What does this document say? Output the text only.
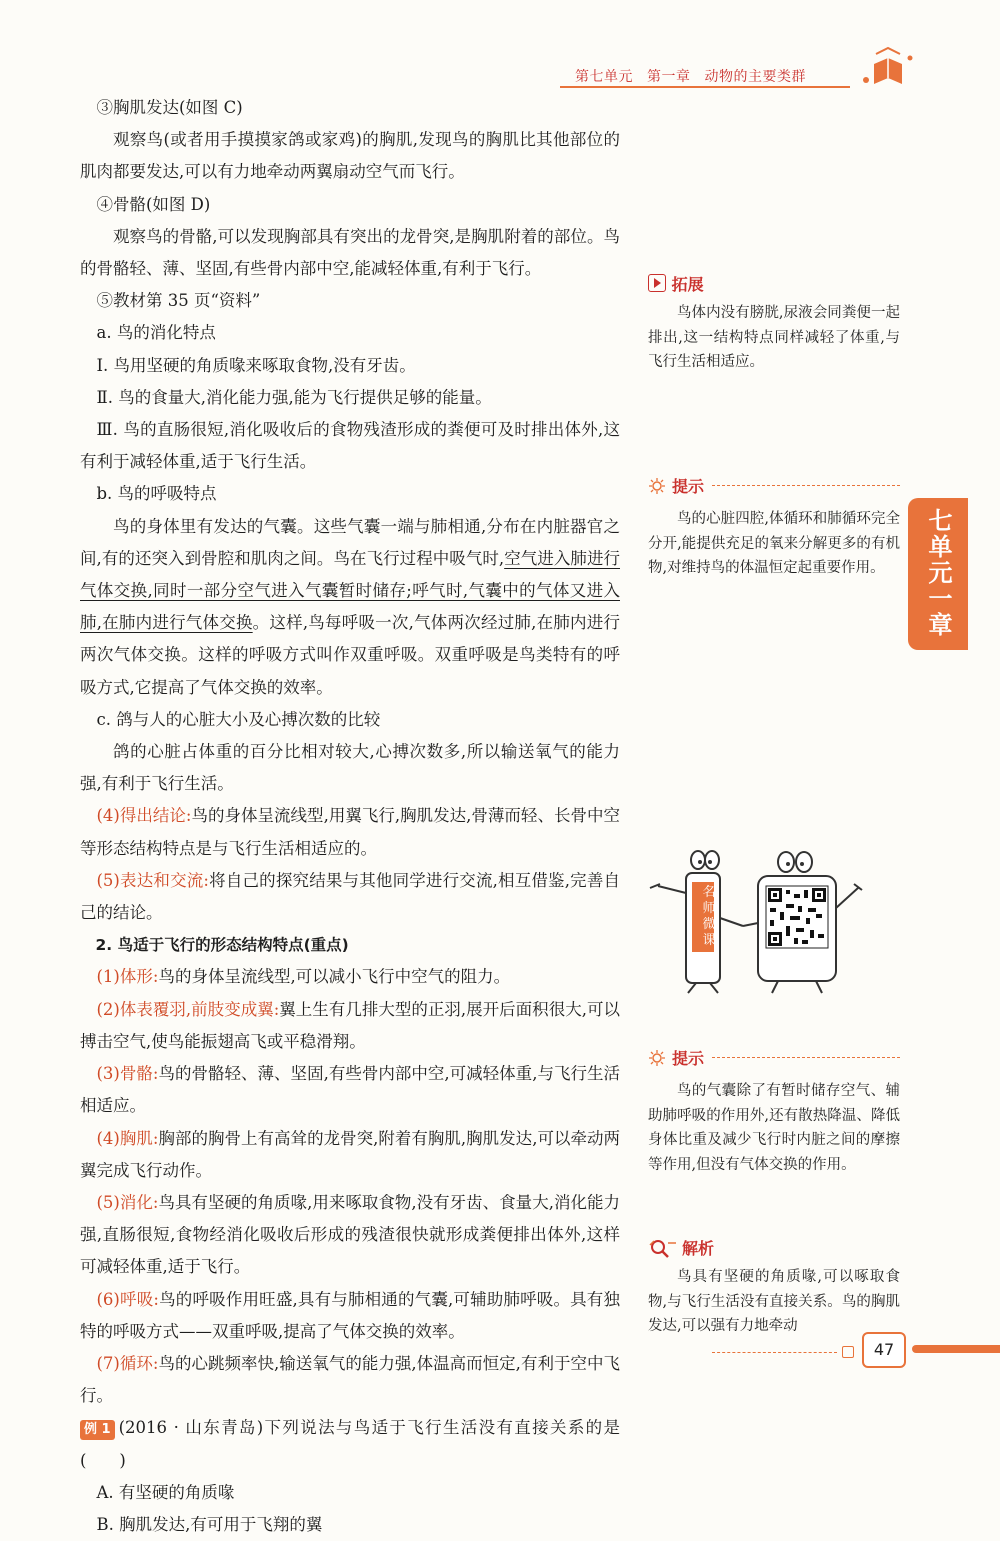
第七单元 第一章 动物的主要类群

③胸肌发达(如图 C)

观察鸟(或者用手摸摸家鸽或家鸡)的胸肌,发现鸟的胸肌比其他部位的肌肉都要发达,可以有力地牵动两翼扇动空气而飞行。

④骨骼(如图 D)

观察鸟的骨骼,可以发现胸部具有突出的龙骨突,是胸肌附着的部位。鸟的骨骼轻、薄、坚固,有些骨内部中空,能减轻体重,有利于飞行。

⑤教材第 35 页“资料”

a. 鸟的消化特点

Ⅰ. 鸟用坚硬的角质喙来啄取食物,没有牙齿。

Ⅱ. 鸟的食量大,消化能力强,能为飞行提供足够的能量。

Ⅲ. 鸟的直肠很短,消化吸收后的食物残渣形成的粪便可及时排出体外,这有利于减轻体重,适于飞行生活。

b. 鸟的呼吸特点

鸟的身体里有发达的气囊。这些气囊一端与肺相通,分布在内脏器官之间,有的还突入到骨腔和肌肉之间。鸟在飞行过程中吸气时,空气进入肺进行气体交换,同时一部分空气进入气囊暂时储存;呼气时,气囊中的气体又进入肺,在肺内进行气体交换。这样,鸟每呼吸一次,气体两次经过肺,在肺内进行两次气体交换。这样的呼吸方式叫作双重呼吸。双重呼吸是鸟类特有的呼吸方式,它提高了气体交换的效率。

c. 鸽与人的心脏大小及心搏次数的比较

鸽的心脏占体重的百分比相对较大,心搏次数多,所以输送氧气的能力强,有利于飞行生活。

(4)得出结论:鸟的身体呈流线型,用翼飞行,胸肌发达,骨薄而轻、长骨中空等形态结构特点是与飞行生活相适应的。

(5)表达和交流:将自己的探究结果与其他同学进行交流,相互借鉴,完善自己的结论。

2. 鸟适于飞行的形态结构特点(重点)

(1)体形:鸟的身体呈流线型,可以减小飞行中空气的阻力。

(2)体表覆羽,前肢变成翼:翼上生有几排大型的正羽,展开后面积很大,可以搏击空气,使鸟能振翅高飞或平稳滑翔。

(3)骨骼:鸟的骨骼轻、薄、坚固,有些骨内部中空,可减轻体重,与飞行生活相适应。

(4)胸肌:胸部的胸骨上有高耸的龙骨突,附着有胸肌,胸肌发达,可以牵动两翼完成飞行动作。

(5)消化:鸟具有坚硬的角质喙,用来啄取食物,没有牙齿、食量大,消化能力强,直肠很短,食物经消化吸收后形成的残渣很快就形成粪便排出体外,这样可减轻体重,适于飞行。

(6)呼吸:鸟的呼吸作用旺盛,具有与肺相通的气囊,可辅助肺呼吸。具有独特的呼吸方式——双重呼吸,提高了气体交换的效率。

(7)循环:鸟的心跳频率快,输送氧气的能力强,体温高而恒定,有利于空中飞行。

例 1 (2016 · 山东青岛)下列说法与鸟适于飞行生活没有直接关系的是(　　)

A. 有坚硬的角质喙

B. 胸肌发达,有可用于飞翔的翼

拓展
鸟体内没有膀胱,尿液会同粪便一起排出,这一结构特点同样减轻了体重,与飞行生活相适应。
提示
鸟的心脏四腔,体循环和肺循环完全分开,能提供充足的氧来分解更多的有机物,对维持鸟的体温恒定起重要作用。	七单元一章
名师微课
提示
鸟的气囊除了有暂时储存空气、辅助肺呼吸的作用外,还有散热降温、降低身体比重及减少飞行时内脏之间的摩擦等作用,但没有气体交换的作用。
解析
鸟具有坚硬的角质喙,可以啄取食物,与飞行生活没有直接关系。鸟的胸肌发达,可以强有力地牵动
47
